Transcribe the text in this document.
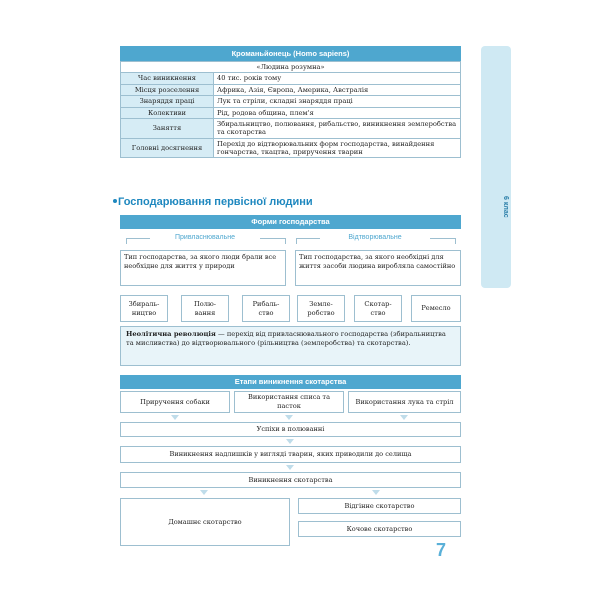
6 клас
Кроманьйонець (Homo sapiens)
«Людина розумна»	
Час виникнення	40 тис. років тому
Місця розселення	Африка, Азія, Європа, Америка, Австралія
Знаряддя праці	Лук та стріли, складні знаряддя праці
Колективи	Рід, родова община, плем'я
Заняття	Збиральництво, полювання, рибальство, виникнення землеробства та скотарства
Головні досягнення	Перехід до відтворювальних форм господарства, винайдення гончарства, ткацтва, приручення тварин
Господарювання первісної людини
Форми господарства
Привласнювальне	Відтворювальне
Тип господарства, за якого люди брали все необхідне для життя у природи
Тип господарства, за якого необхідні для життя засоби людина виробляла самостійно
Збираль-ництво
Полю-вання
Рибаль-ство
Земле-робство
Скотар-ство
Ремесло
Неолітична революція — перехід від привласнювального господарства (збиральництва та мисливства) до відтворювального (рільництва (землеробства) та скотарства).
Етапи виникнення скотарства
Приручення собаки
Використання списа та пасток
Використання лука та стріл
Успіхи в полюванні
Виникнення надлишків у вигляді тварин, яких приводили до селища
Виникнення скотарства
Домашнє скотарство
Відгінне скотарство
Кочове скотарство
7
